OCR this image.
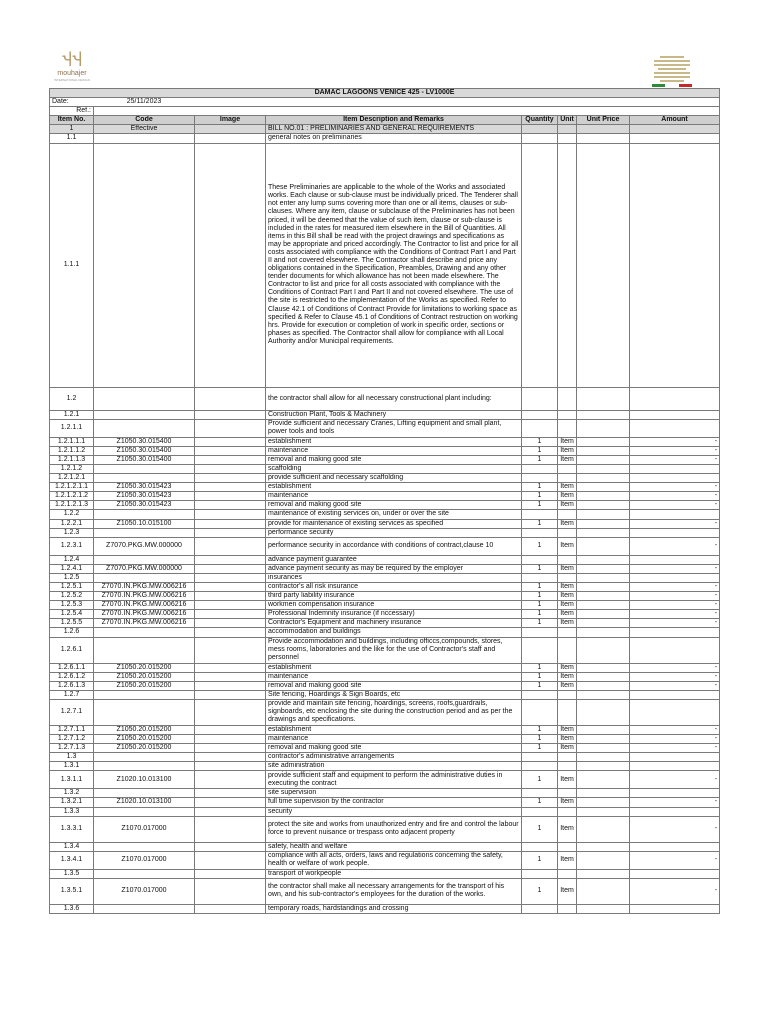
ჃჃ
mouhajer
INTERNATIONAL DESIGN
DAMAC LAGOONS VENICE 425 - LV1000E							
Date:	25/11/2023						
Ref.:							
Item No.	Code	Image	Item Description and Remarks	Quantity	Unit	Unit Price	Amount
1	Effective		BILL NO.01 : PRELIMINARIES AND GENERAL REQUIREMENTS				
1.1			general notes on preliminaries				
1.1.1			These Preliminaries are applicable to the whole of the Works and associated works. Each clause or sub-clause must be individually priced. The Tenderer shall not enter any lump sums covering more than one or all items, clauses or sub-clauses. Where any item, clause or subclause of the Preliminaries has not been priced, it will be deemed that the value of such item, clause or sub-clause is included in the rates for measured item elsewhere in the Bill of Quantities. All items in this Bill shall be read with the project drawings and specifications as may be appropriate and priced accordingly. The Contractor to list and price for all costs associated with compliance with the Conditions of Contract Part I and Part II and not covered elsewhere. The Contractor shall describe and price any obligations contained in the Specification, Preambles, Drawing and any other tender documents for which allowance has not been made elsewhere. The Contractor to list and price for all costs associated with compliance with the Conditions of Contract Part I and Part II and not covered elsewhere. The use of the site is restricted to the implementation of the Works as specified. Refer to Clause 42.1 of Conditions of Contract Provide for limitations to working space as specified & Refer to Clause 45.1 of Conditions of Contract restruction on working hrs. Provide for execution or completion of work in specific order, sections or phases as specified. The Contractor shall allow for compliance with all Local Authority and/or Municipal requirements.				
1.2			the contractor shall allow for all necessary constructional plant including:				
1.2.1			Construction Plant, Tools & Machinery				
1.2.1.1			Provide sufficient and necessary Cranes, Lifting equipment and small plant, power tools and tools				
1.2.1.1.1	Z1050.30.015400		establishment	1	Item		-
1.2.1.1.2	Z1050.30.015400		maintenance	1	Item		-
1.2.1.1.3	Z1050.30.015400		removal and making good site	1	Item		-
1.2.1.2			scaffolding				
1.2.1.2.1			provide sufficient and necessary scaffolding				
1.2.1.2.1.1	Z1050.30.015423		establishment	1	Item		-
1.2.1.2.1.2	Z1050.30.015423		maintenance	1	Item		-
1.2.1.2.1.3	Z1050.30.015423		removal and making good site	1	Item		-
1.2.2			maintenance of existing services on, under or over the site				
1.2.2.1	Z1050.10.015100		provide for maintenance of existing services as specified	1	Item		-
1.2.3			performance security				
1.2.3.1	Z7070.PKG.MW.000000		performance security in accordance with conditions of contract,clause 10	1	Item		-
1.2.4			advance payment guarantee				
1.2.4.1	Z7070.PKG.MW.000000		advance payment security as may be required by the employer	1	Item		-
1.2.5			insurances				
1.2.5.1	Z7070.IN.PKG.MW.006216		contractor's all risk insurance	1	Item		-
1.2.5.2	Z7070.IN.PKG.MW.006216		third party liability insurance	1	Item		-
1.2.5.3	Z7070.IN.PKG.MW.006216		workmen compensation insurance	1	Item		-
1.2.5.4	Z7070.IN.PKG.MW.006216		Professional Indemnity insurance (if nccessary)	1	Item		-
1.2.5.5	Z7070.IN.PKG.MW.006216		Contractor's Equipment and machinery insurance	1	Item		-
1.2.6			accommodation and buildings				
1.2.6.1			Provide accommodation and buildings, including officcs,compounds, stores, mess rooms, laboratories and the like for the use of Contractor's staff and personnel				
1.2.6.1.1	Z1050.20.015200		establishment	1	Item		-
1.2.6.1.2	Z1050.20.015200		maintenance	1	Item		-
1.2.6.1.3	Z1050.20.015200		removal and making good site	1	Item		-
1.2.7			Site fencing, Hoardings & Sign Boards, etc				
1.2.7.1			provide and maintain site fencing, hoardings, screens, roofs,guardrails, signboards, etc enclosing the site during the construction period and as per the drawings and specifications.				
1.2.7.1.1	Z1050.20.015200		establishment	1	Item		-
1.2.7.1.2	Z1050.20.015200		maintenance	1	Item		-
1.2.7.1.3	Z1050.20.015200		removal and making good site	1	Item		-
1.3			contractor's administrative arrangements				
1.3.1			site administration				
1.3.1.1	Z1020.10.013100		provide sufficient staff and equipment to perform the administrative duties in executing the contract	1	Item		-
1.3.2			site supervision				
1.3.2.1	Z1020.10.013100		full time supervision by the contractor	1	Item		-
1.3.3			security				
1.3.3.1	Z1070.017000		protect the site and works from unauthorized entry and fire and control the labour force to prevent nuisance or trespass onto adjacent property	1	Item		-
1.3.4			safety, health and welfare				
1.3.4.1	Z1070.017000		compliance with all acts, orders, laws and regulations concerning the safety, health or welfare of work people.	1	Item		-
1.3.5			transport of workpeople				
1.3.5.1	Z1070.017000		the contractor shall make all necessary arrangements for the transport of his own, and his sub-contractor's employees for the duration of the works.	1	Item		-
1.3.6			temporary roads, hardstandings and crossing				
